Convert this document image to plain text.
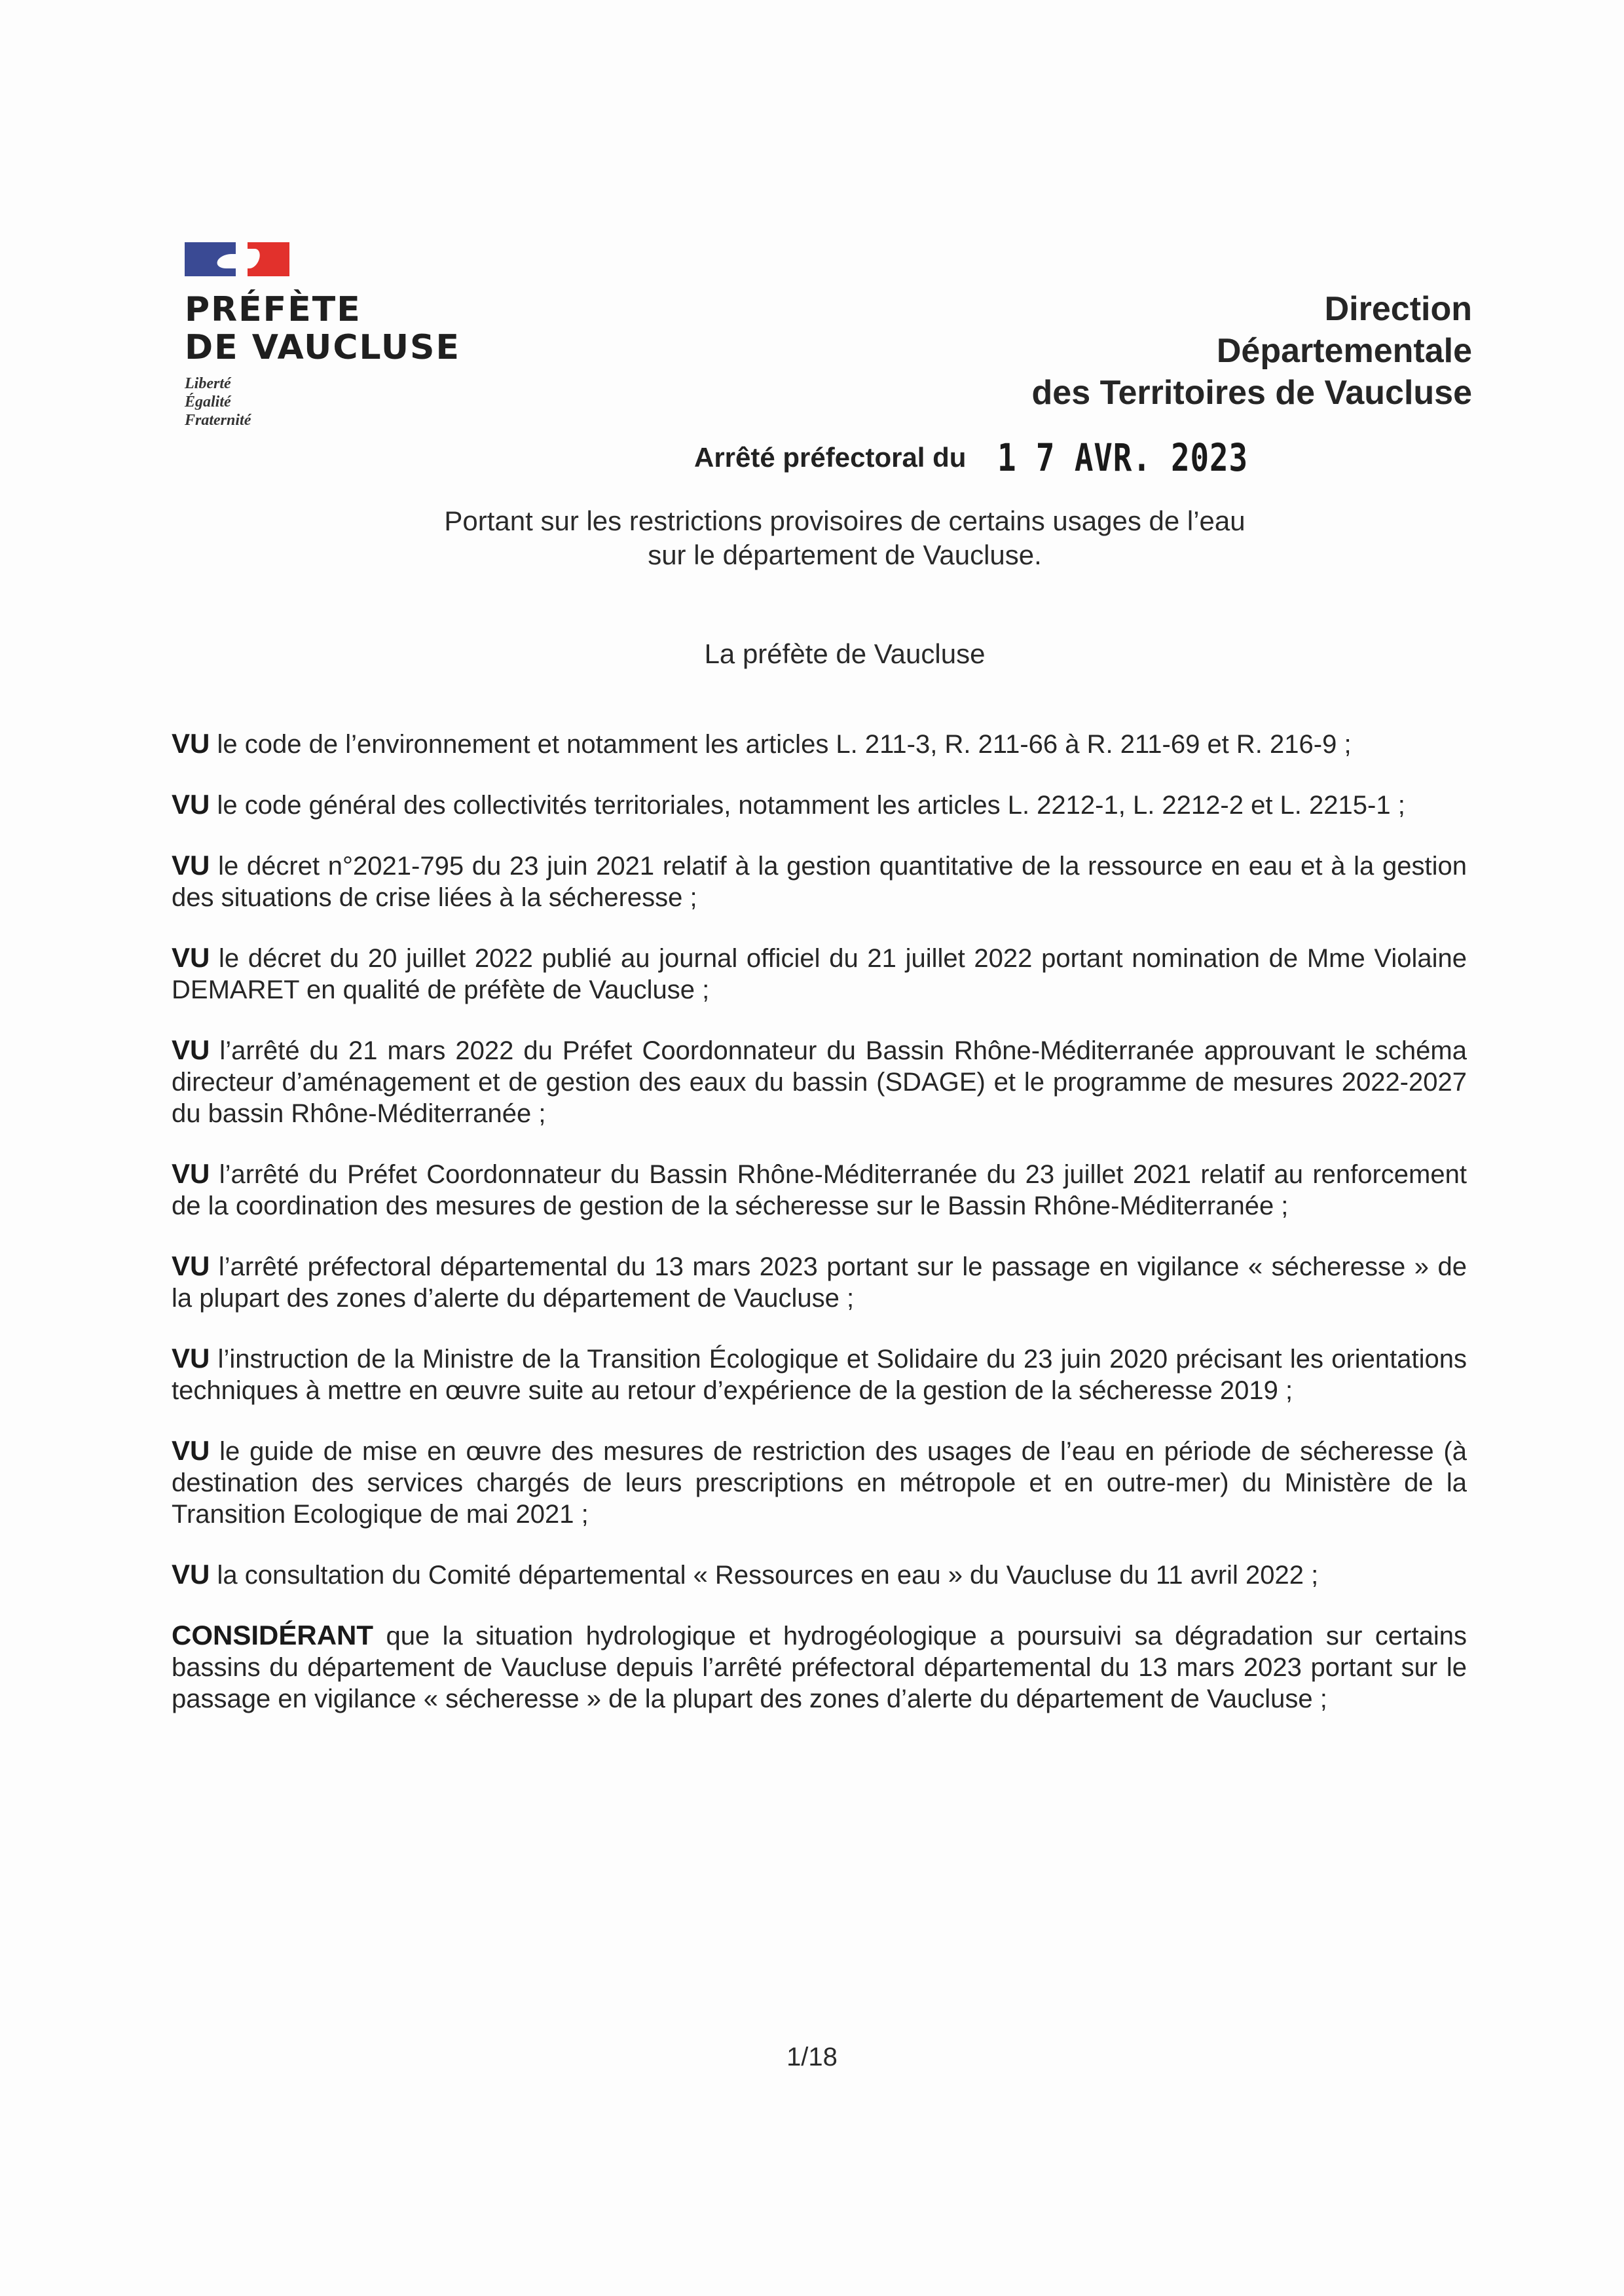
PRÉFÈTE
DE VAUCLUSE
Liberté
Égalité
Fraternité
Direction
Départementale
des Territoires de Vaucluse
Arrêté préfectoral du 1 7 AVR. 2023
Portant sur les restrictions provisoires de certains usages de l’eau
sur le département de Vaucluse.
La préfète de Vaucluse

VU le code de l’environnement et notamment les articles L. 211-3, R. 211-66 à R. 211-69 et R. 216-9 ;

VU le code général des collectivités territoriales, notamment les articles L. 2212-1, L. 2212-2 et L. 2215-1 ;

VU le décret n°2021-795 du 23 juin 2021 relatif à la gestion quantitative de la ressource en eau et à la gestion des situations de crise liées à la sécheresse ;

VU le décret du 20 juillet 2022 publié au journal officiel du 21 juillet 2022 portant nomination de Mme Violaine DEMARET en qualité de préfète de Vaucluse ;

VU l’arrêté du 21 mars 2022 du Préfet Coordonnateur du Bassin Rhône-Méditerranée approuvant le schéma directeur d’aménagement et de gestion des eaux du bassin (SDAGE) et le programme de mesures 2022-2027 du bassin Rhône-Méditerranée ;

VU l’arrêté du Préfet Coordonnateur du Bassin Rhône-Méditerranée du 23 juillet 2021 relatif au renforcement de la coordination des mesures de gestion de la sécheresse sur le Bassin Rhône-Méditerranée ;

VU l’arrêté préfectoral départemental du 13 mars 2023 portant sur le passage en vigilance « sécheresse » de la plupart des zones d’alerte du département de Vaucluse ;

VU l’instruction de la Ministre de la Transition Écologique et Solidaire du 23 juin 2020 précisant les orientations techniques à mettre en œuvre suite au retour d’expérience de la gestion de la sécheresse 2019 ;

VU le guide de mise en œuvre des mesures de restriction des usages de l’eau en période de sécheresse (à destination des services chargés de leurs prescriptions en métropole et en outre-mer) du Ministère de la Transition Ecologique de mai 2021 ;

VU la consultation du Comité départemental « Ressources en eau » du Vaucluse du 11 avril 2022 ;

CONSIDÉRANT que la situation hydrologique et hydrogéologique a poursuivi sa dégradation sur certains bassins du département de Vaucluse depuis l’arrêté préfectoral départemental du 13 mars 2023 portant sur le passage en vigilance « sécheresse » de la plupart des zones d’alerte du département de Vaucluse ;

1/18
